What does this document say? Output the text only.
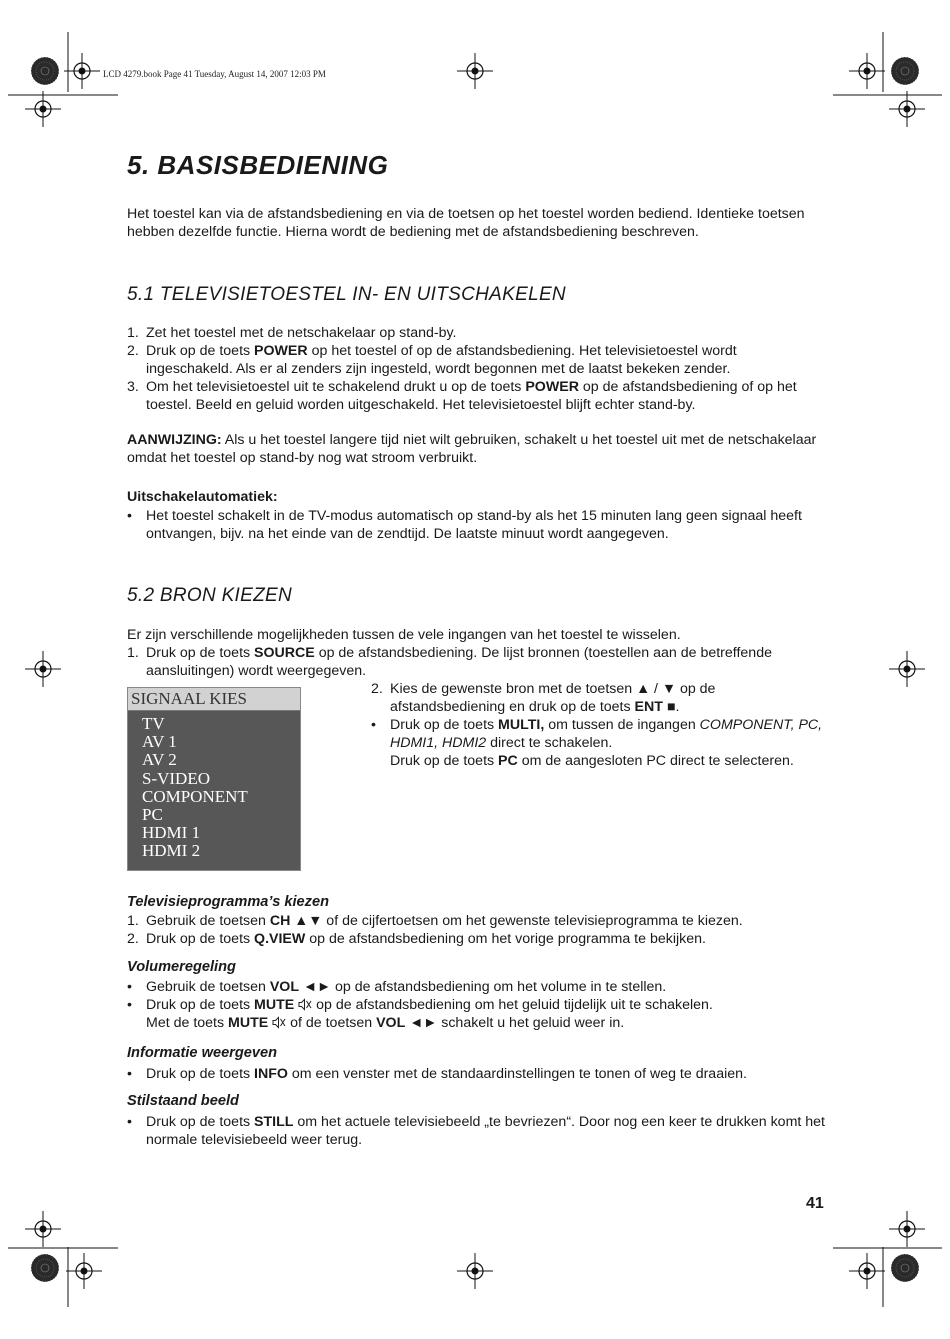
LCD 4279.book Page 41 Tuesday, August 14, 2007 12:03 PM
5. BASISBEDIENING

Het toestel kan via de afstandsbediening en via de toetsen op het toestel worden bediend. Identieke toetsen hebben dezelfde functie. Hierna wordt de bediening met de afstandsbediening beschreven.

5.1 TELEVISIETOESTEL IN- EN UITSCHAKELEN
1. Zet het toestel met de netschakelaar op stand-by.
2. Druk op de toets POWER op het toestel of op de afstandsbediening. Het televisietoestel wordt ingeschakeld. Als er al zenders zijn ingesteld, wordt begonnen met de laatst bekeken zender.
3. Om het televisietoestel uit te schakelend drukt u op de toets POWER op de afstandsbediening of op het toestel. Beeld en geluid worden uitgeschakeld. Het televisietoestel blijft echter stand-by.

AANWIJZING: Als u het toestel langere tijd niet wilt gebruiken, schakelt u het toestel uit met de netschakelaar omdat het toestel op stand-by nog wat stroom verbruikt.

Uitschakelautomatiek:

• Het toestel schakelt in de TV-modus automatisch op stand-by als het 15 minuten lang geen signaal heeft ontvangen, bijv. na het einde van de zendtijd. De laatste minuut wordt aangegeven.
5.2 BRON KIEZEN

Er zijn verschillende mogelijkheden tussen de vele ingangen van het toestel te wisselen.

1. Druk op de toets SOURCE op de afstandsbediening. De lijst bronnen (toestellen aan de betreffende aansluitingen) wordt weergegeven.
SIGNAAL KIES
TV
AV 1
AV 2
S-VIDEO
COMPONENT
PC
HDMI 1
HDMI 2
2. Kies de gewenste bron met de toetsen ▲ / ▼ op de afstandsbediening en druk op de toets ENT ■.
• Druk op de toets MULTI, om tussen de ingangen COMPONENT, PC, HDMI1, HDMI2 direct te schakelen.
Druk op de toets PC om de aangesloten PC direct te selecteren.
Televisieprogramma’s kiezen
1. Gebruik de toetsen CH ▲▼ of de cijfertoetsen om het gewenste televisieprogramma te kiezen.
2. Druk op de toets Q.VIEW op de afstandsbediening om het vorige programma te bekijken.
Volumeregeling
• Gebruik de toetsen VOL ◄► op de afstandsbediening om het volume in te stellen.
• Druk op de toets MUTE  op de afstandsbediening om het geluid tijdelijk uit te schakelen.
Met de toets MUTE  of de toetsen VOL ◄► schakelt u het geluid weer in.
Informatie weergeven
• Druk op de toets INFO om een venster met de standaardinstellingen te tonen of weg te draaien.
Stilstaand beeld
• Druk op de toets STILL om het actuele televisiebeeld „te bevriezen“. Door nog een keer te drukken komt het normale televisiebeeld weer terug.
41
